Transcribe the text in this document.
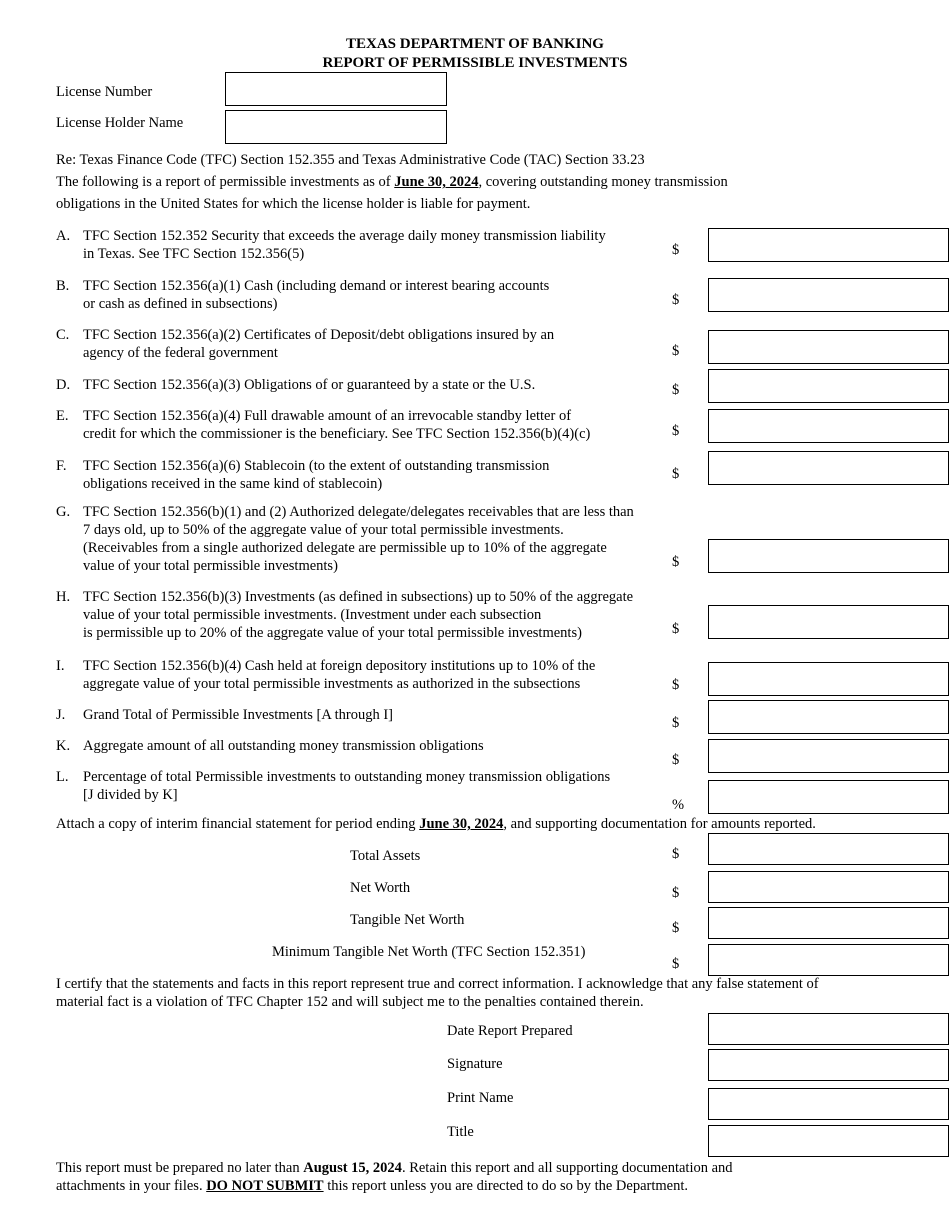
TEXAS DEPARTMENT OF BANKING
REPORT OF PERMISSIBLE INVESTMENTS
License Number
License Holder Name
Re: Texas Finance Code (TFC) Section 152.355 and Texas Administrative Code (TAC) Section 33.23
The following is a report of permissible investments as of June 30, 2024, covering outstanding money transmission
obligations in the United States for which the license holder is liable for payment.
A. TFC Section 152.352 Security that exceeds the average daily money transmission liability
in Texas. See TFC Section 152.356(5)	$
B. TFC Section 152.356(a)(1) Cash (including demand or interest bearing accounts
or cash as defined in subsections)	$
C. TFC Section 152.356(a)(2) Certificates of Deposit/debt obligations insured by an
agency of the federal government	$
D. TFC Section 152.356(a)(3) Obligations of or guaranteed by a state or the U.S.	$
E. TFC Section 152.356(a)(4) Full drawable amount of an irrevocable standby letter of
credit for which the commissioner is the beneficiary. See TFC Section 152.356(b)(4)(c)	$
F. TFC Section 152.356(a)(6) Stablecoin (to the extent of outstanding transmission
obligations received in the same kind of stablecoin)
$
G. TFC Section 152.356(b)(1) and (2) Authorized delegate/delegates receivables that are less than
7 days old, up to 50% of the aggregate value of your total permissible investments.
(Receivables from a single authorized delegate are permissible up to 10% of the aggregate
value of your total permissible investments)	$
H. TFC Section 152.356(b)(3) Investments (as defined in subsections) up to 50% of the aggregate
value of your total permissible investments. (Investment under each subsection
is permissible up to 20% of the aggregate value of your total permissible investments)	$
I. TFC Section 152.356(b)(4) Cash held at foreign depository institutions up to 10% of the
aggregate value of your total permissible investments as authorized in the subsections	$
J. Grand Total of Permissible Investments [A through I]	$
K. Aggregate amount of all outstanding money transmission obligations
$
L. Percentage of total Permissible investments to outstanding money transmission obligations
[J divided by K]
%
Attach a copy of interim financial statement for period ending June 30, 2024, and supporting documentation for amounts reported.
Total Assets	$
Net Worth	$
Tangible Net Worth	$
Minimum Tangible Net Worth (TFC Section 152.351)
$
I certify that the statements and facts in this report represent true and correct information. I acknowledge that any false statement of
material fact is a violation of TFC Chapter 152 and will subject me to the penalties contained therein.
Date Report Prepared
Signature
Print Name
Title
This report must be prepared no later than August 15, 2024. Retain this report and all supporting documentation and
attachments in your files. DO NOT SUBMIT this report unless you are directed to do so by the Department.
